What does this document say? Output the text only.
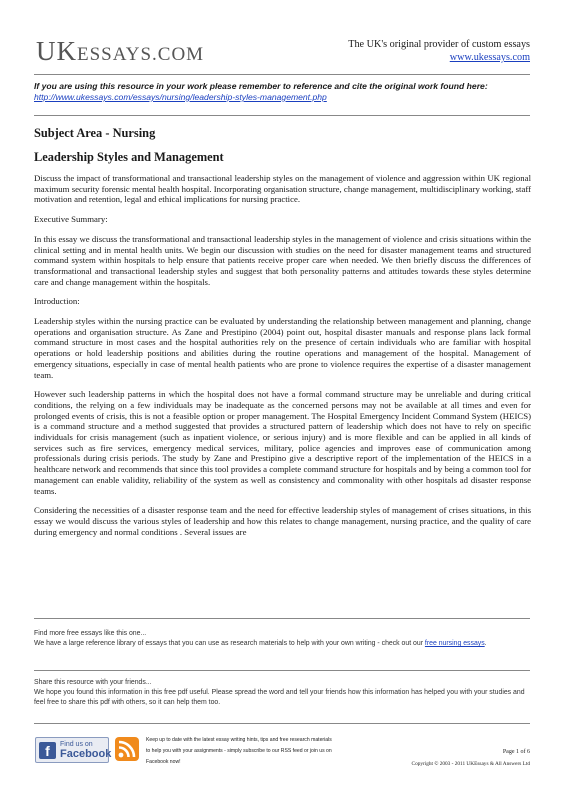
UKESSAYS.COM	The UK's original provider of custom essays
www.ukessays.com
If you are using this resource in your work please remember to reference and cite the original work found here:
http://www.ukessays.com/essays/nursing/leadership-styles-management.php
Subject Area - Nursing
Leadership Styles and Management

Discuss the impact of transformational and transactional leadership styles on the management of violence and aggression within UK regional maximum security forensic mental health hospital. Incorporating organisation structure, change management, multidisciplinary working, staff motivation and retention, legal and ethical implications for nursing practice.

Executive Summary:

In this essay we discuss the transformational and transactional leadership styles in the management of violence and crisis situations within the clinical setting and in mental health units. We begin our discussion with studies on the need for disaster management teams and structured command system within hospitals to help ensure that patients receive proper care when needed. We then briefly discuss the differences of transformational and transactional leadership styles and suggest that both personality patterns and attitudes towards these styles determine care and change management within the hospitals.

Introduction:

Leadership styles within the nursing practice can be evaluated by understanding the relationship between management and planning, change operations and organisation structure. As Zane and Prestipino (2004) point out, hospital disaster manuals and response plans lack formal command structure in most cases and the hospital authorities rely on the presence of certain individuals who are familiar with hospital operations or hold leadership positions and abilities during the routine operations and management of the hospital. Management of emergency situations, especially in case of mental health patients who are prone to violence requires the expertise of a disaster management team.

However such leadership patterns in which the hospital does not have a formal command structure may be unreliable and during critical conditions, the relying on a few individuals may be inadequate as the concerned persons may not be available at all times and even for prolonged events of crisis, this is not a feasible option or proper management. The Hospital Emergency Incident Command System (HEICS) is a command structure and a method suggested that provides a structured pattern of leadership which does not have to rely on specific individuals for crisis management (such as inpatient violence, or serious injury) and is more flexible and can be applied in all kinds of services such as fire services, emergency medical services, military, police agencies and improves ease of communication among professionals during crisis periods. The study by Zane and Prestipino give a descriptive report of the implementation of the HEICS in a healthcare network and recommends that since this tool provides a complete command structure for hospitals and by being a common tool for management can enable validity, reliability of the system as well as consistency and commonality with other hospitals ad disaster response teams.

Considering the necessities of a disaster response team and the need for effective leadership styles of management of crises situations, in this essay we would discuss the various styles of leadership and how this relates to change management, nursing practice, and the quality of care during emergency and normal conditions . Several issues are

Find more free essays like this one...
We have a large reference library of essays that you can use as research materials to help with your own writing - check out our free nursing essays.
Share this resource with your friends...
We hope you found this information in this free pdf useful. Please spread the word and tell your friends how this information has helped you with your studies and feel free to share this pdf with others, so it can help them too.
f	Find us on
Facebook
Keep up to date with the latest essay writing hints, tips and free research materials
to help you with your assignments - simply subscribe to our RSS feed or join us on
Facebook now!
Page 1 of 6
Copyright © 2003 - 2011 UKEssays & All Answers Ltd
